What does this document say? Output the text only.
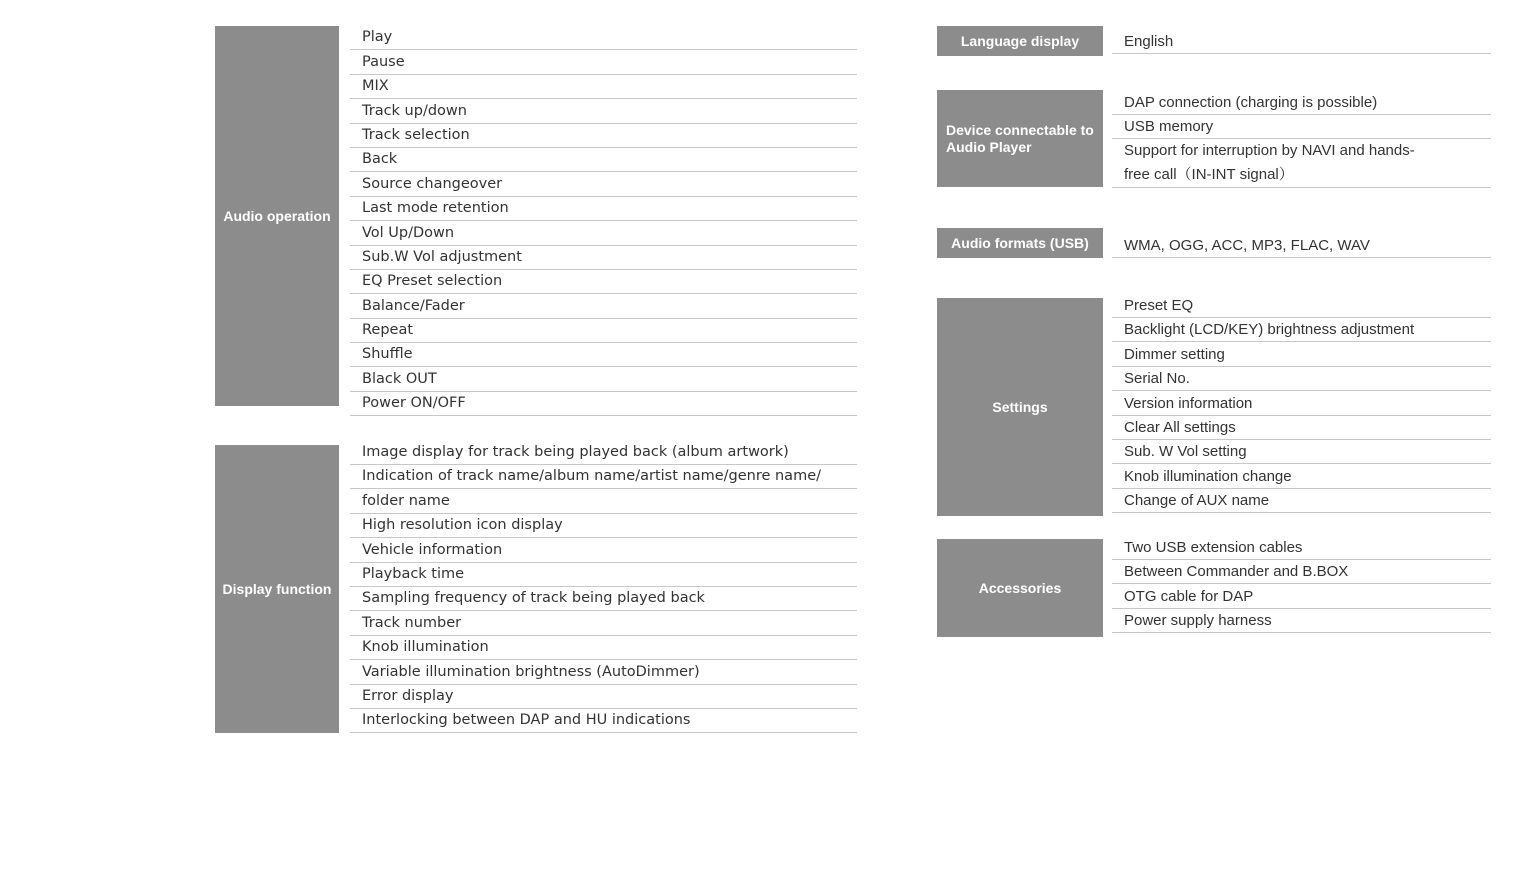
Audio operation
Play
Pause
MIX
Track up/down
Track selection
Back
Source changeover
Last mode retention
Vol Up/Down
Sub.W Vol adjustment
EQ Preset selection
Balance/Fader
Repeat
Shuffle
Black OUT
Power ON/OFF
Display function
Image display for track being played back (album artwork)
Indication of track name/album name/artist name/genre name/
folder name
High resolution icon display
Vehicle information
Playback time
Sampling frequency of track being played back
Track number
Knob illumination
Variable illumination brightness (AutoDimmer)
Error display
Interlocking between DAP and HU indications
Language display	English
Device connectable to Audio Player
DAP connection (charging is possible)
USB memory
Support for interruption by NAVI and hands-free call（IN-INT signal）
Audio formats (USB)	WMA, OGG, ACC, MP3, FLAC, WAV
Settings
Preset EQ
Backlight (LCD/KEY) brightness adjustment
Dimmer setting
Serial No.
Version information
Clear All settings
Sub. W Vol setting
Knob illumination change
Change of AUX name
Accessories
Two USB extension cables
Between Commander and B.BOX
OTG cable for DAP
Power supply harness
